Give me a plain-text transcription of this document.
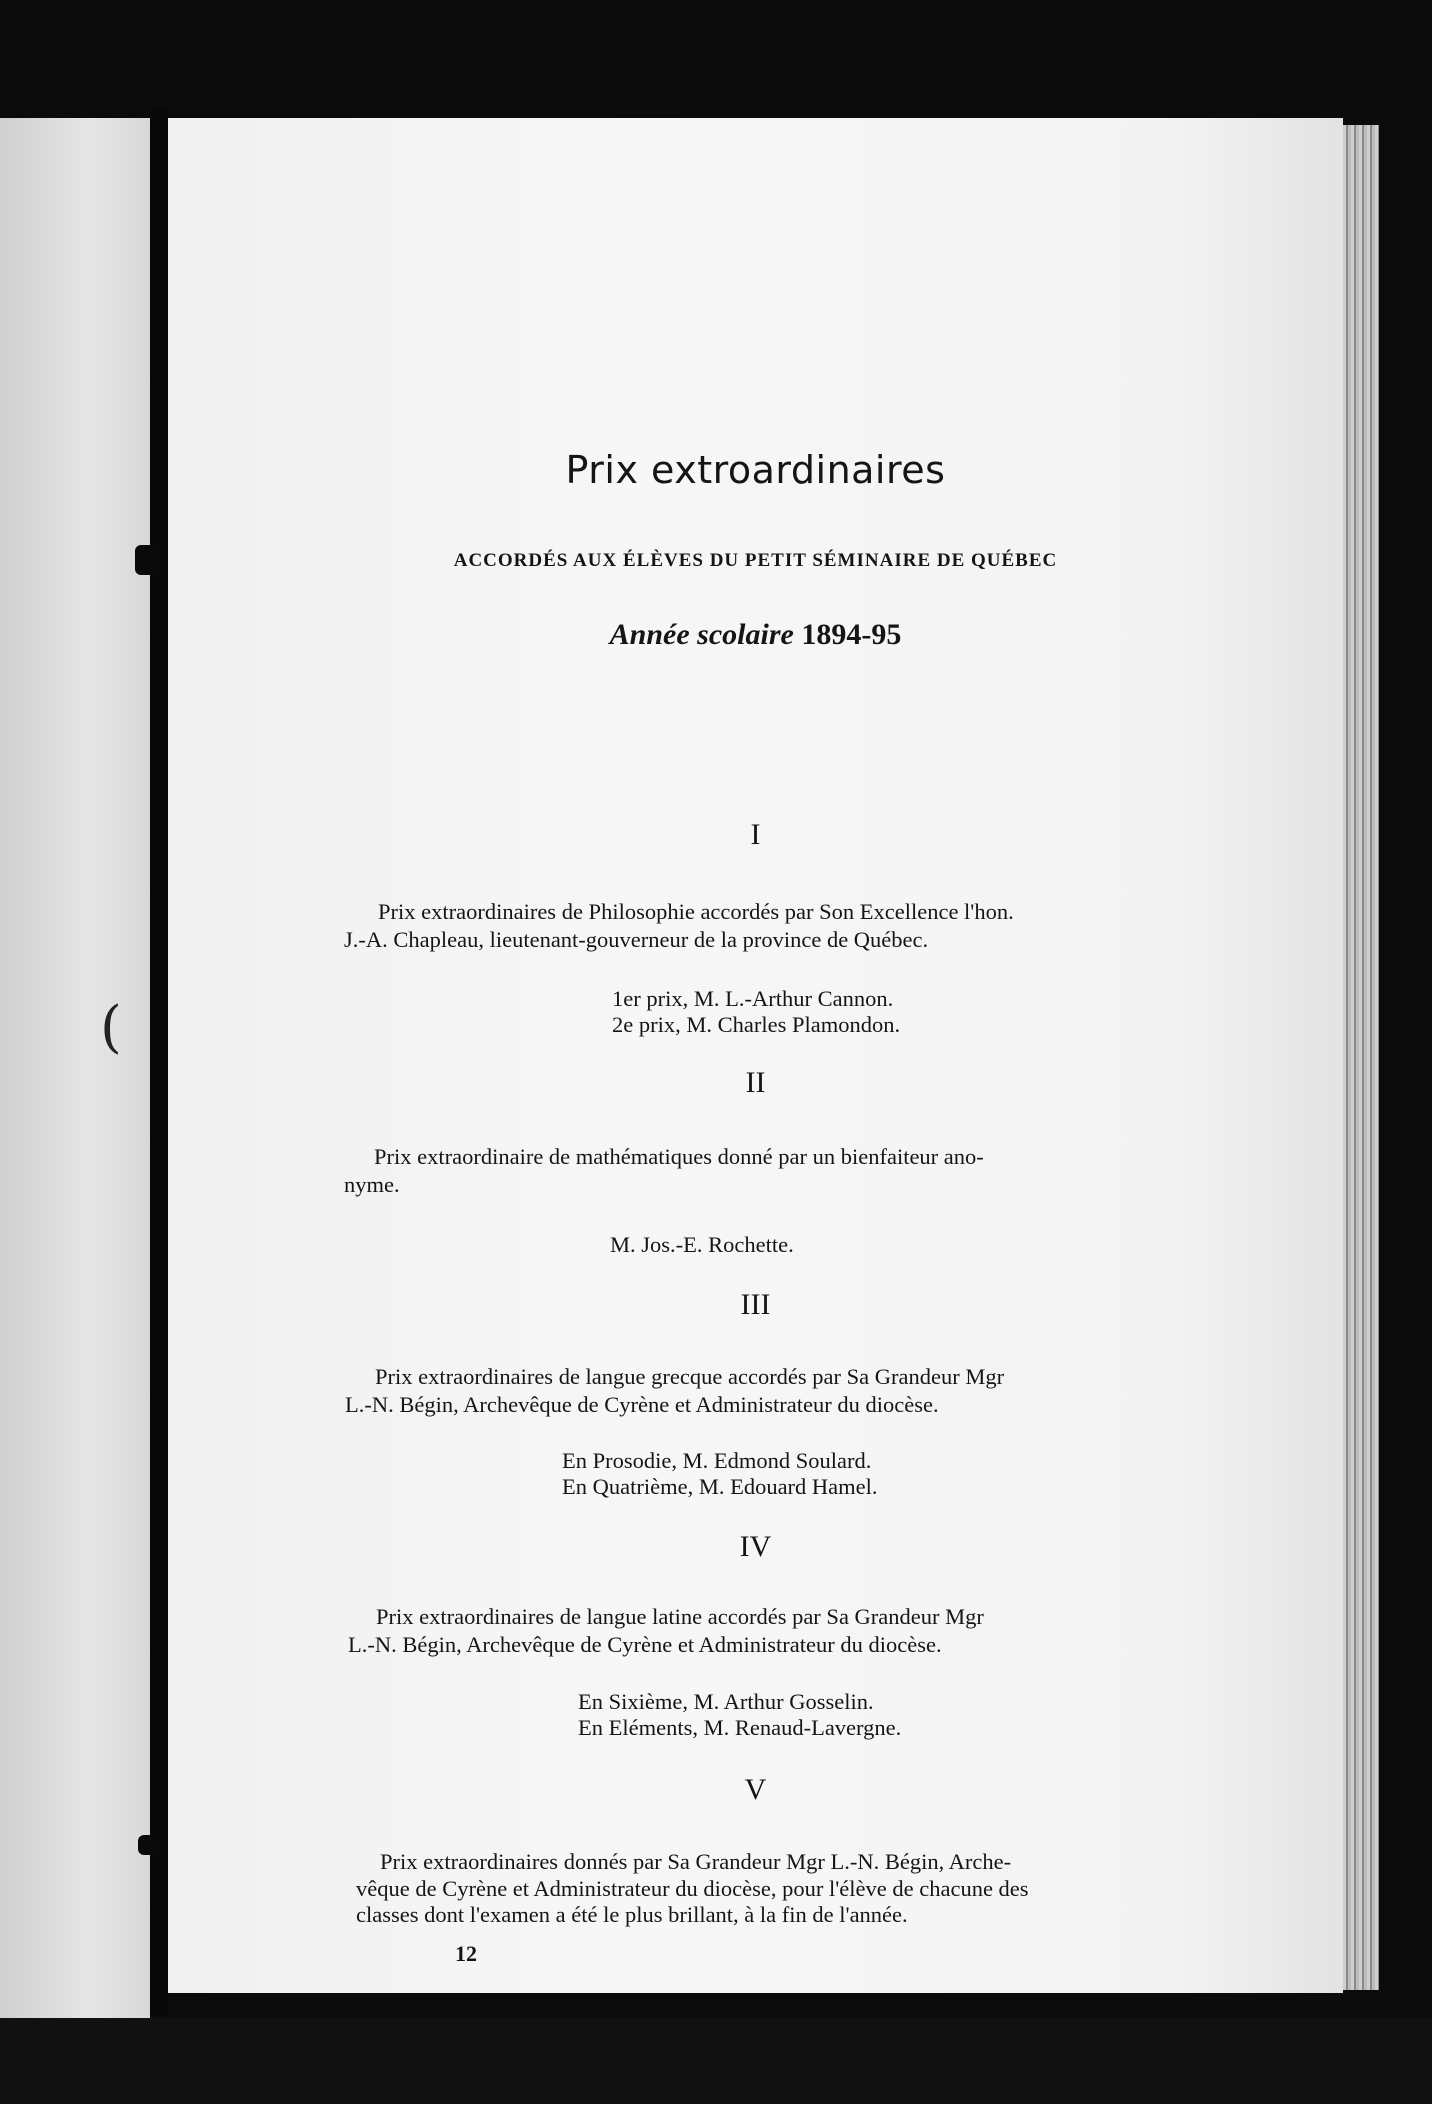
(
Prix extroardinaires
ACCORDÉS AUX ÉLÈVES DU PETIT SÉMINAIRE DE QUÉBEC
Année scolaire 1894-95
I
Prix extraordinaires de Philosophie accordés par Son Excellence l'hon.
J.-A. Chapleau, lieutenant-gouverneur de la province de Québec.
1er prix, M. L.-Arthur Cannon.
2e prix, M. Charles Plamondon.
II
Prix extraordinaire de mathématiques donné par un bienfaiteur ano-
nyme.
M. Jos.-E. Rochette.
III
Prix extraordinaires de langue grecque accordés par Sa Grandeur Mgr
L.-N. Bégin, Archevêque de Cyrène et Administrateur du diocèse.
En Prosodie, M. Edmond Soulard.
En Quatrième, M. Edouard Hamel.
IV
Prix extraordinaires de langue latine accordés par Sa Grandeur Mgr
L.-N. Bégin, Archevêque de Cyrène et Administrateur du diocèse.
En Sixième, M. Arthur Gosselin.
En Eléments, M. Renaud-Lavergne.
V
Prix extraordinaires donnés par Sa Grandeur Mgr L.-N. Bégin, Arche-
vêque de Cyrène et Administrateur du diocèse, pour l'élève de chacune des
classes dont l'examen a été le plus brillant, à la fin de l'année.
12
